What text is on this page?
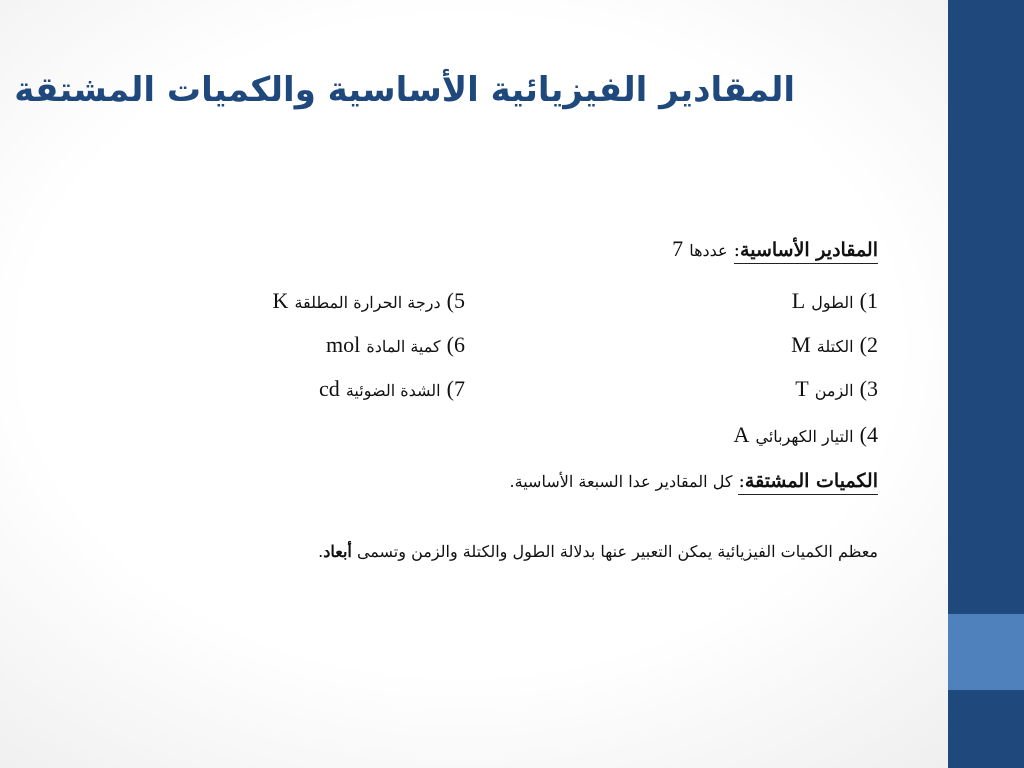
المقادير الفيزيائية الأساسية والكميات المشتقة
المقادير الأساسية: عددها 7
1) الطول L
5) درجة الحرارة المطلقة K
2) الكتلة M
6) كمية المادة mol
3) الزمن T
7) الشدة الضوئية cd
4) التيار الكهربائي A
الكميات المشتقة: كل المقادير عدا السبعة الأساسية.
معظم الكميات الفيزيائية يمكن التعبير عنها بدلالة الطول والكتلة والزمن وتسمى أبعاد.
